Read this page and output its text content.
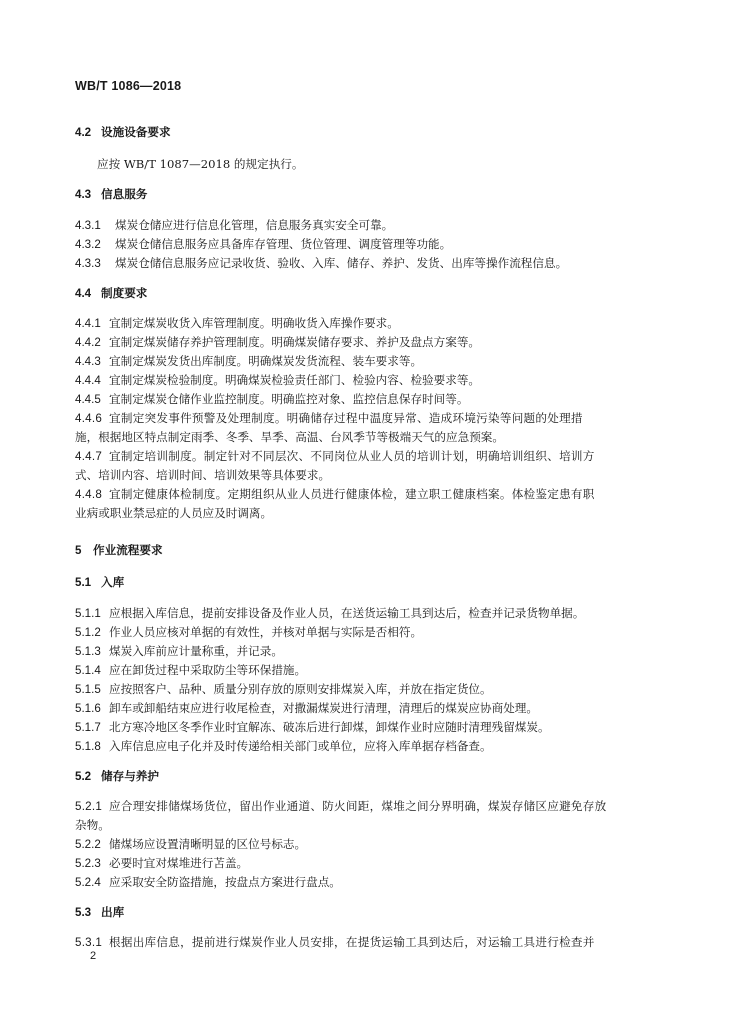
WB/T 1086—2018
4.2 设施设备要求
应按 WB/T 1087—2018 的规定执行。
4.3 信息服务
4.3.1 煤炭仓储应进行信息化管理，信息服务真实安全可靠。
4.3.2 煤炭仓储信息服务应具备库存管理、货位管理、调度管理等功能。
4.3.3 煤炭仓储信息服务应记录收货、验收、入库、储存、养护、发货、出库等操作流程信息。
4.4 制度要求
4.4.1 宜制定煤炭收货入库管理制度。明确收货入库操作要求。
4.4.2 宜制定煤炭储存养护管理制度。明确煤炭储存要求、养护及盘点方案等。
4.4.3 宜制定煤炭发货出库制度。明确煤炭发货流程、装车要求等。
4.4.4 宜制定煤炭检验制度。明确煤炭检验责任部门、检验内容、检验要求等。
4.4.5 宜制定煤炭仓储作业监控制度。明确监控对象、监控信息保存时间等。
4.4.6 宜制定突发事件预警及处理制度。明确储存过程中温度异常、造成环境污染等问题的处理措
施，根据地区特点制定雨季、冬季、旱季、高温、台风季节等极端天气的应急预案。
4.4.7 宜制定培训制度。制定针对不同层次、不同岗位从业人员的培训计划，明确培训组织、培训方
式、培训内容、培训时间、培训效果等具体要求。
4.4.8 宜制定健康体检制度。定期组织从业人员进行健康体检，建立职工健康档案。体检鉴定患有职
业病或职业禁忌症的人员应及时调离。
5 作业流程要求
5.1 入库
5.1.1 应根据入库信息，提前安排设备及作业人员，在送货运输工具到达后，检查并记录货物单据。
5.1.2 作业人员应核对单据的有效性，并核对单据与实际是否相符。
5.1.3 煤炭入库前应计量称重，并记录。
5.1.4 应在卸货过程中采取防尘等环保措施。
5.1.5 应按照客户、品种、质量分别存放的原则安排煤炭入库，并放在指定货位。
5.1.6 卸车或卸船结束应进行收尾检查，对撒漏煤炭进行清理，清理后的煤炭应协商处理。
5.1.7 北方寒冷地区冬季作业时宜解冻、破冻后进行卸煤，卸煤作业时应随时清理残留煤炭。
5.1.8 入库信息应电子化并及时传递给相关部门或单位，应将入库单据存档备查。
5.2 储存与养护
5.2.1 应合理安排储煤场货位，留出作业通道、防火间距，煤堆之间分界明确，煤炭存储区应避免存放
杂物。
5.2.2 储煤场应设置清晰明显的区位号标志。
5.2.3 必要时宜对煤堆进行苫盖。
5.2.4 应采取安全防盗措施，按盘点方案进行盘点。
5.3 出库
5.3.1 根据出库信息，提前进行煤炭作业人员安排，在提货运输工具到达后，对运输工具进行检查并
2
